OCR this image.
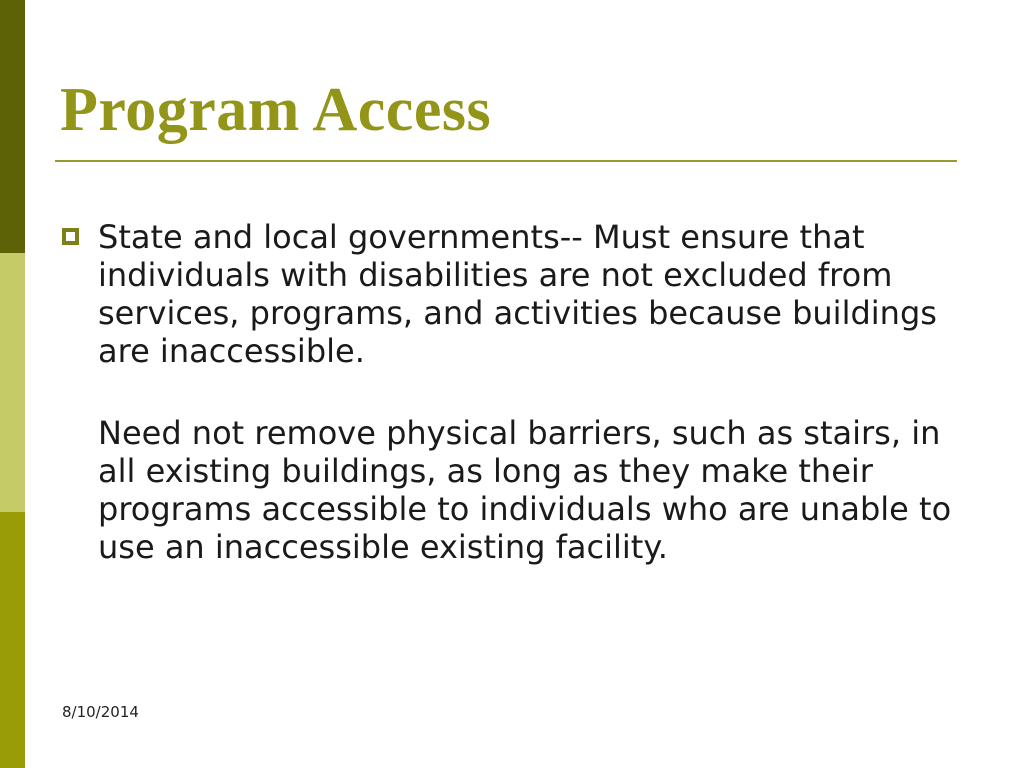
Program Access

State and local governments-- Must ensure that individuals with disabilities are not excluded from services, programs, and activities because buildings are inaccessible.

Need not remove physical barriers, such as stairs, in all existing buildings, as long as they make their programs accessible to individuals who are unable to use an inaccessible existing facility.

8/10/2014
